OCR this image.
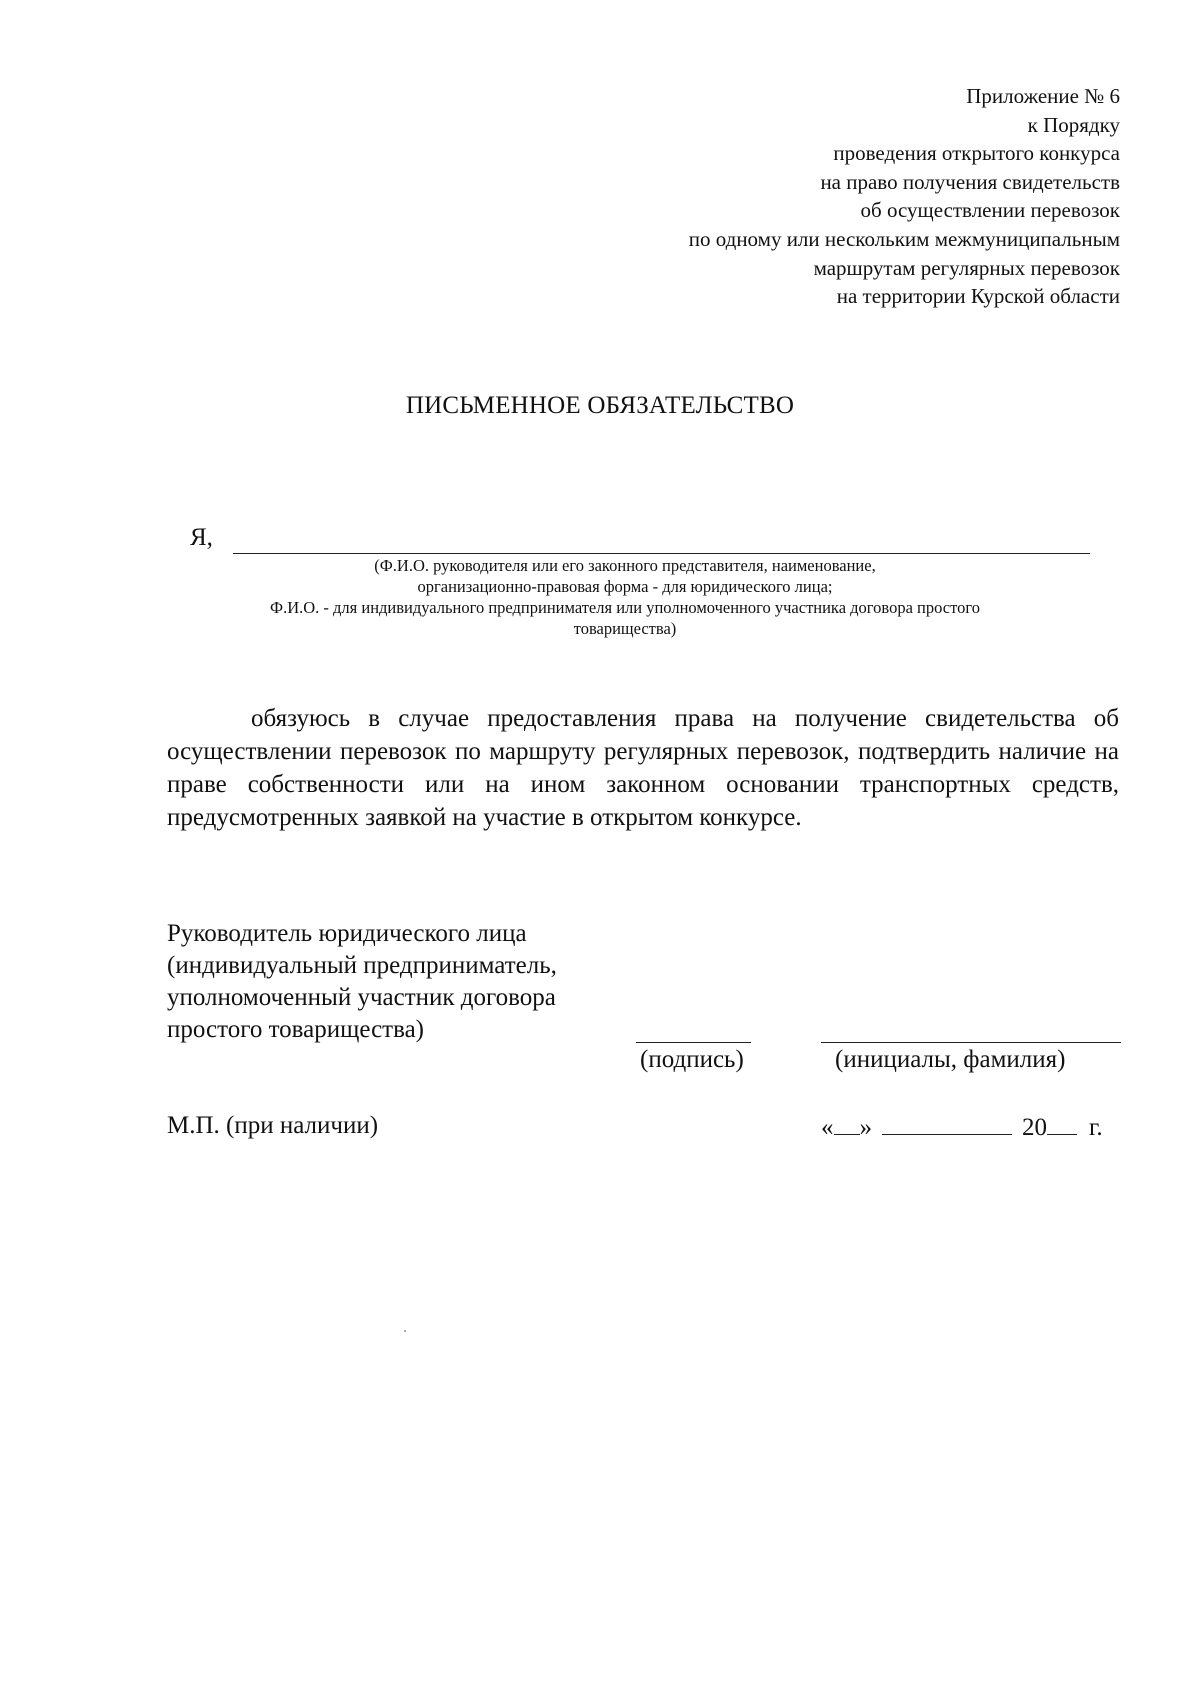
Приложение № 6
к Порядку
проведения открытого конкурса
на право получения свидетельств
об осуществлении перевозок
по одному или нескольким межмуниципальным
маршрутам регулярных перевозок
на территории Курской области
ПИСЬМЕННОЕ ОБЯЗАТЕЛЬСТВО
Я,
(Ф.И.О. руководителя или его законного представителя, наименование,
организационно-правовая форма - для юридического лица;
Ф.И.О. - для индивидуального предпринимателя или уполномоченного участника договора простого
товарищества)
обязуюсь в случае предоставления права на получение свидетельства об осуществлении перевозок по маршруту регулярных перевозок, подтвердить наличие на праве собственности или на ином законном основании транспортных средств, предусмотренных заявкой на участие в открытом конкурсе.
Руководитель юридического лица
(индивидуальный предприниматель,
уполномоченный участник договора
простого товарищества)
(подпись)	(инициалы, фамилия)
М.П. (при наличии)	« »	20 г.
